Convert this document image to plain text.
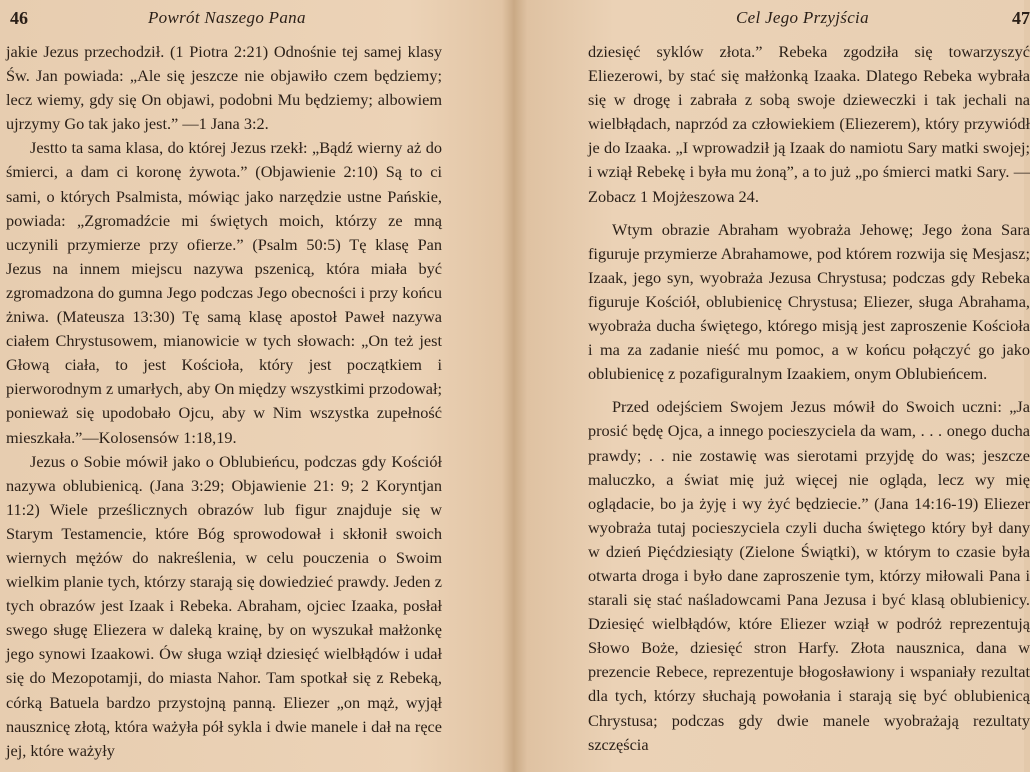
46	Powrót Naszego Pana

jakie Jezus przechodził. (1 Piotra 2:21) Odnośnie tej samej klasy Św. Jan powiada: „Ale się jeszcze nie objawiło czem będziemy; lecz wiemy, gdy się On objawi, podobni Mu będziemy; albowiem ujrzymy Go tak jako jest.” —1 Jana 3:2.

Jestto ta sama klasa, do której Jezus rzekł: „Bądź wierny aż do śmierci, a dam ci koronę żywota.” (Objawienie 2:10) Są to ci sami, o których Psalmista, mówiąc jako narzędzie ustne Pańskie, powiada: „Zgromadźcie mi świętych moich, którzy ze mną uczynili przymierze przy ofierze.” (Psalm 50:5) Tę klasę Pan Jezus na innem miejscu nazywa pszenicą, która miała być zgromadzona do gumna Jego podczas Jego obecności i przy końcu żniwa. (Mateusza 13:30) Tę samą klasę apostoł Paweł nazywa ciałem Chrystusowem, mianowicie w tych słowach: „On też jest Głową ciała, to jest Kościoła, który jest początkiem i pierworodnym z umarłych, aby On między wszystkimi przodował; ponieważ się upodobało Ojcu, aby w Nim wszystka zupełność mieszkała.”—Kolosensów 1:18,19.

Jezus o Sobie mówił jako o Oblubieńcu, podczas gdy Kościół nazywa oblubienicą. (Jana 3:29; Objawienie 21: 9; 2 Koryntjan 11:2) Wiele prześlicznych obrazów lub figur znajduje się w Starym Testamencie, które Bóg sprowodował i skłonił swoich wiernych mężów do nakreślenia, w celu pouczenia o Swoim wielkim planie tych, którzy starają się dowiedzieć prawdy. Jeden z tych obrazów jest Izaak i Rebeka. Abraham, ojciec Izaaka, posłał swego sługę Eliezera w daleką krainę, by on wyszukał małżonkę jego synowi Izaakowi. Ów sługa wziął dziesięć wielbłądów i udał się do Mezopotamji, do miasta Nahor. Tam spotkał się z Rebeką, córką Batuela bardzo przystojną panną. Eliezer „on mąż, wyjął nausznicę złotą, która ważyła pół sykla i dwie manele i dał na ręce jej, które ważyły

Cel Jego Przyjścia	47

dziesięć syklów złota.” Rebeka zgodziła się towarzyszyć Eliezerowi, by stać się małżonką Izaaka. Dlatego Rebeka wybrała się w drogę i zabrała z sobą swoje dzieweczki i tak jechali na wielbłądach, naprzód za człowiekiem (Eliezerem), który przywiódł je do Izaaka. „I wprowadził ją Izaak do namiotu Sary matki swojej; i wziął Rebekę i była mu żoną”, a to już „po śmierci matki Sary. —Zobacz 1 Mojżeszowa 24.

Wtym obrazie Abraham wyobraża Jehowę; Jego żona Sara figuruje przymierze Abrahamowe, pod którem rozwija się Mesjasz; Izaak, jego syn, wyobraża Jezusa Chrystusa; podczas gdy Rebeka figuruje Kościół, oblubienicę Chrystusa; Eliezer, sługa Abrahama, wyobraża ducha świętego, którego misją jest zaproszenie Kościoła i ma za zadanie nieść mu pomoc, a w końcu połączyć go jako oblubienicę z pozafiguralnym Izaakiem, onym Oblubieńcem.

Przed odejściem Swojem Jezus mówił do Swoich uczni: „Ja prosić będę Ojca, a innego pocieszyciela da wam, . . . onego ducha prawdy; . . nie zostawię was sierotami przyjdę do was; jeszcze maluczko, a świat mię już więcej nie ogląda, lecz wy mię oglądacie, bo ja żyję i wy żyć będziecie.” (Jana 14:16-19) Eliezer wyobraża tutaj pocieszyciela czyli ducha świętego który był dany w dzień Pięćdziesiąty (Zielone Świątki), w którym to czasie była otwarta droga i było dane zaproszenie tym, którzy miłowali Pana i starali się stać naśladowcami Pana Jezusa i być klasą oblubienicy. Dziesięć wielbłądów, które Eliezer wziął w podróż reprezentują Słowo Boże, dziesięć stron Harfy. Złota nausznica, dana w prezencie Rebece, reprezentuje błogosławiony i wspaniały rezultat dla tych, którzy słuchają powołania i starają się być oblubienicą Chrystusa; podczas gdy dwie manele wyobrażają rezultaty szczęścia
